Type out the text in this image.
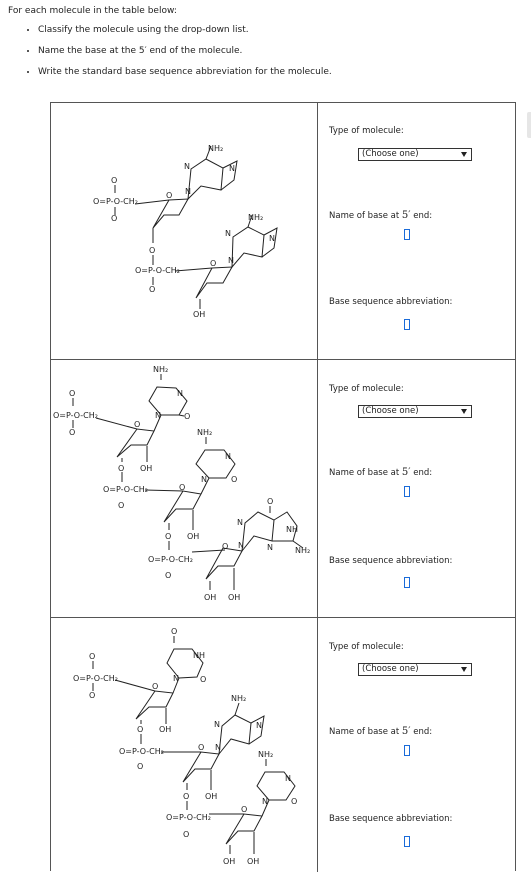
For each molecule in the table below:

• Classify the molecule using the drop-down list.
• Name the base at the 5′ end of the molecule.
• Write the standard base sequence abbreviation for the molecule.
O
O=P-O-CH₂
O
O
O
O=P-O-CH₂
O
O
OH
NH₂
N	N
N
NH₂
N
N
N
Type of molecule:
(Choose one)
Name of base at 5′ end:
Base sequence abbreviation:
O
O=P-O-CH₂
O
O
O OH
O=P-O-CH₂
O
O
O OH
O=P-O-CH₂
O
O
OH OH
NH₂
N
N	O
NH₂
N
N	O
O
N
NH
N	N	NH₂
Type of molecule:
(Choose one)
Name of base at 5′ end:
Base sequence abbreviation:
O
O=P-O-CH₂
O
O
O OH
O=P-O-CH₂
O
O
O OH
O=P-O-CH₂
O
O
OH OH
O
NH
N	O
NH₂
N	N
N
NH₂
N
N	O
Type of molecule:
(Choose one)
Name of base at 5′ end:
Base sequence abbreviation:
